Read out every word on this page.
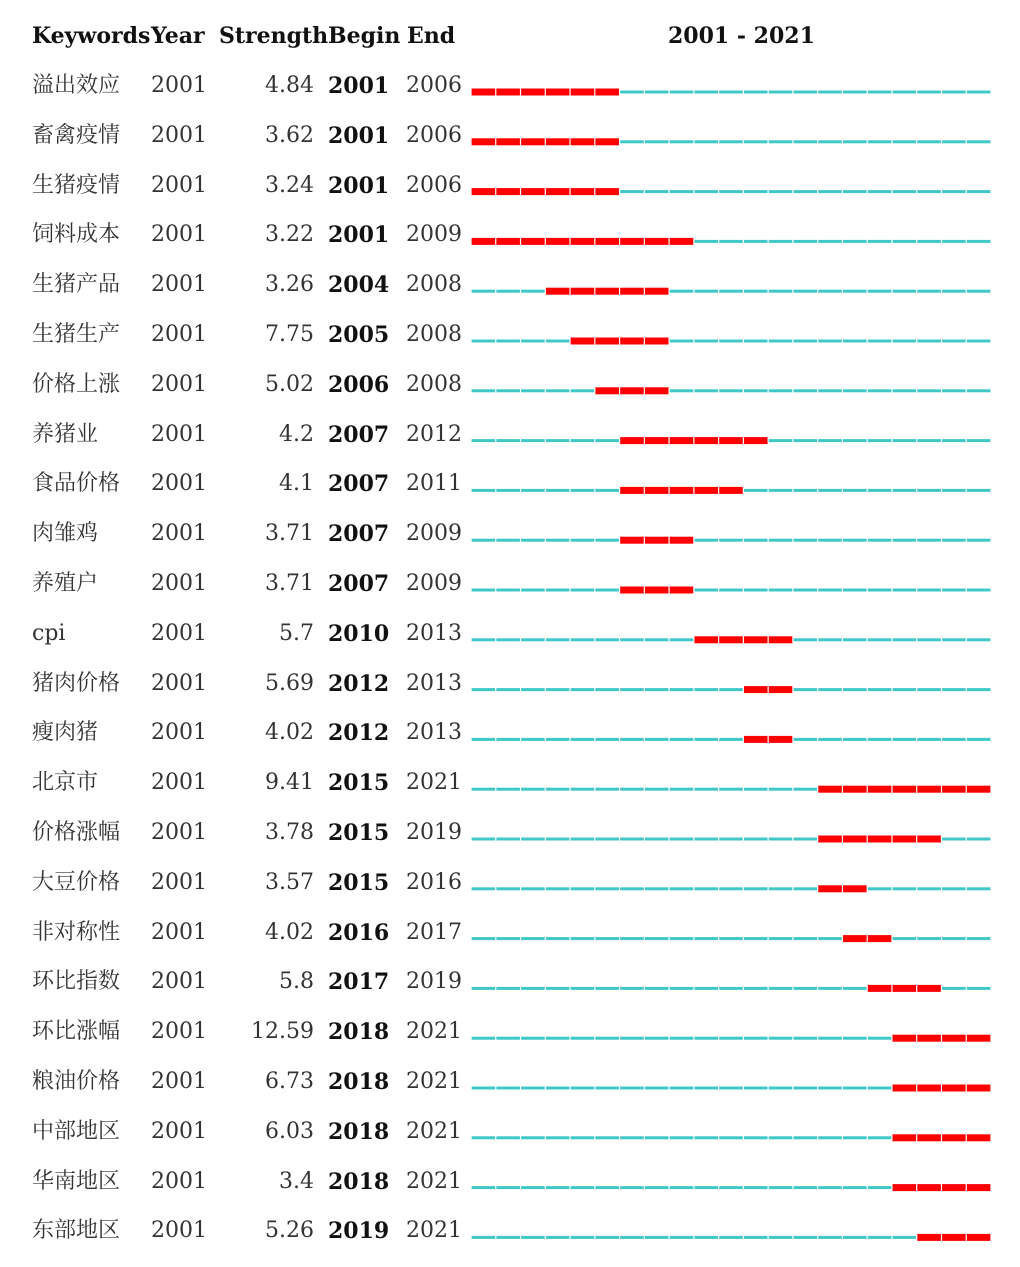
Keywords Year Strength Begin End	2001 - 2021
溢出效应 2001	4.84 2001 2006
畜禽疫情 2001	3.62 2001 2006
生猪疫情 2001	3.24 2001 2006
饲料成本 2001	3.22 2001 2009
生猪产品 2001	3.26 2004 2008
生猪生产 2001	7.75 2005 2008
价格上涨 2001	5.02 2006 2008
养猪业 2001	4.2 2007 2012
食品价格 2001	4.1 2007 2011
肉雏鸡 2001	3.71 2007 2009
养殖户 2001	3.71 2007 2009
cpi	2001	5.7 2010 2013
猪肉价格 2001	5.69 2012 2013
瘦肉猪 2001	4.02 2012 2013
北京市 2001	9.41 2015 2021
价格涨幅 2001	3.78 2015 2019
大豆价格 2001	3.57 2015 2016
非对称性 2001	4.02 2016 2017
环比指数 2001	5.8 2017 2019
环比涨幅 2001	12.59 2018 2021
粮油价格 2001	6.73 2018 2021
中部地区 2001	6.03 2018 2021
华南地区 2001	3.4 2018 2021
东部地区 2001	5.26 2019 2021
